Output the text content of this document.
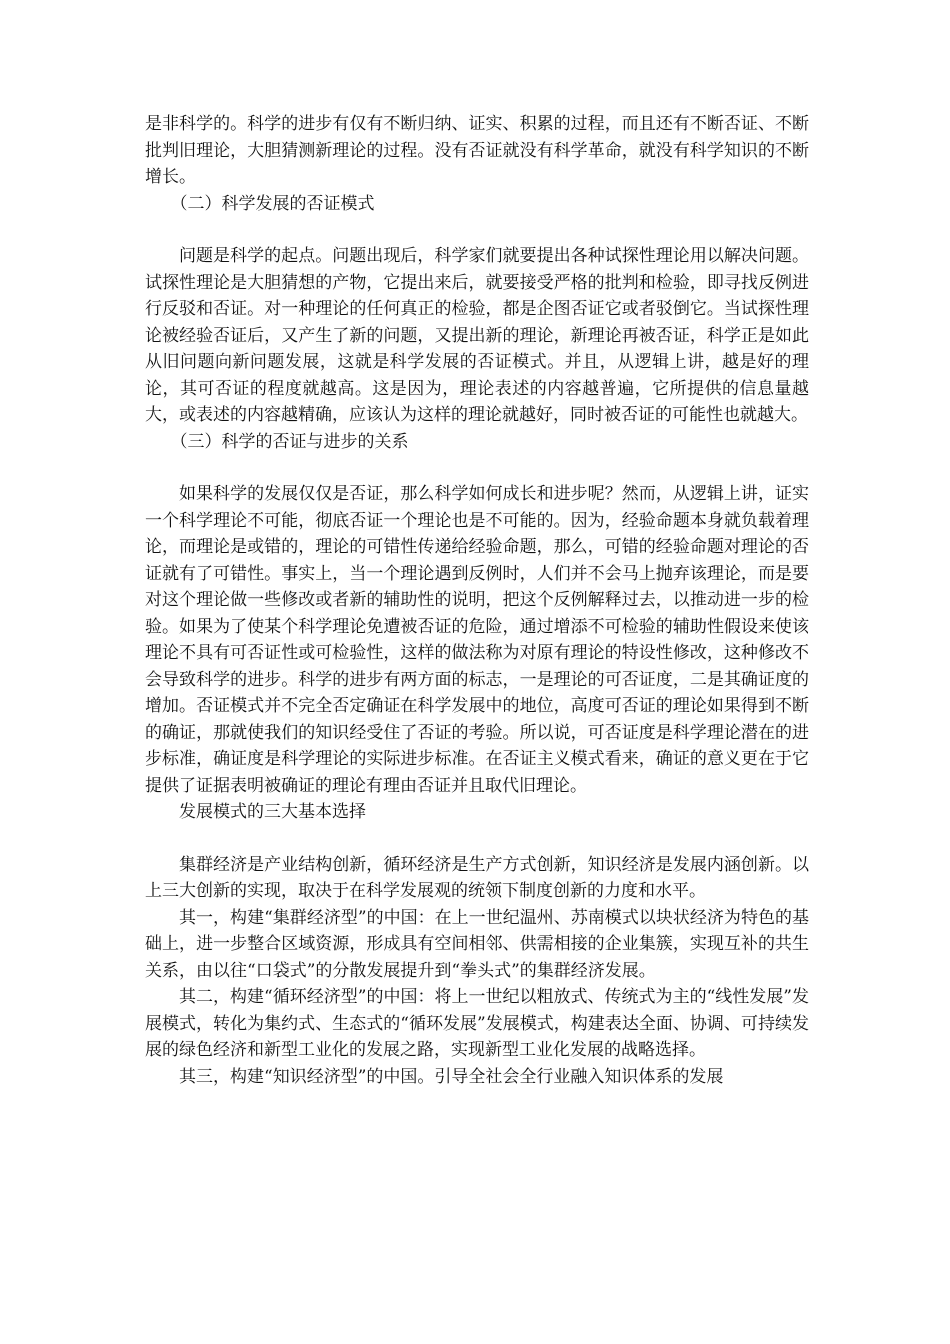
是非科学的。科学的进步有仅有不断归纳、证实、积累的过程，而且还有不断否证、不断批判旧理论，大胆猜测新理论的过程。没有否证就没有科学革命，就没有科学知识的不断增长。

（二）科学发展的否证模式

问题是科学的起点。问题出现后，科学家们就要提出各种试探性理论用以解决问题。试探性理论是大胆猜想的产物，它提出来后，就要接受严格的批判和检验，即寻找反例进行反驳和否证。对一种理论的任何真正的检验，都是企图否证它或者驳倒它。当试探性理论被经验否证后，又产生了新的问题，又提出新的理论，新理论再被否证，科学正是如此从旧问题向新问题发展，这就是科学发展的否证模式。并且，从逻辑上讲，越是好的理论，其可否证的程度就越高。这是因为，理论表述的内容越普遍，它所提供的信息量越大，或表述的内容越精确，应该认为这样的理论就越好，同时被否证的可能性也就越大。

（三）科学的否证与进步的关系

如果科学的发展仅仅是否证，那么科学如何成长和进步呢？然而，从逻辑上讲，证实一个科学理论不可能，彻底否证一个理论也是不可能的。因为，经验命题本身就负载着理论，而理论是或错的，理论的可错性传递给经验命题，那么，可错的经验命题对理论的否证就有了可错性。事实上，当一个理论遇到反例时，人们并不会马上抛弃该理论，而是要对这个理论做一些修改或者新的辅助性的说明，把这个反例解释过去，以推动进一步的检验。如果为了使某个科学理论免遭被否证的危险，通过增添不可检验的辅助性假设来使该理论不具有可否证性或可检验性，这样的做法称为对原有理论的特设性修改，这种修改不会导致科学的进步。科学的进步有两方面的标志，一是理论的可否证度，二是其确证度的增加。否证模式并不完全否定确证在科学发展中的地位，高度可否证的理论如果得到不断的确证，那就使我们的知识经受住了否证的考验。所以说，可否证度是科学理论潜在的进步标准，确证度是科学理论的实际进步标准。在否证主义模式看来，确证的意义更在于它提供了证据表明被确证的理论有理由否证并且取代旧理论。

发展模式的三大基本选择

集群经济是产业结构创新，循环经济是生产方式创新，知识经济是发展内涵创新。以上三大创新的实现，取决于在科学发展观的统领下制度创新的力度和水平。

其一，构建“集群经济型”的中国：在上一世纪温州、苏南模式以块状经济为特色的基础上，进一步整合区域资源，形成具有空间相邻、供需相接的企业集簇，实现互补的共生关系，由以往“口袋式”的分散发展提升到“拳头式”的集群经济发展。

其二，构建“循环经济型”的中国：将上一世纪以粗放式、传统式为主的“线性发展”发展模式，转化为集约式、生态式的“循环发展”发展模式，构建表达全面、协调、可持续发展的绿色经济和新型工业化的发展之路，实现新型工业化发展的战略选择。

其三，构建“知识经济型”的中国。引导全社会全行业融入知识体系的发展
